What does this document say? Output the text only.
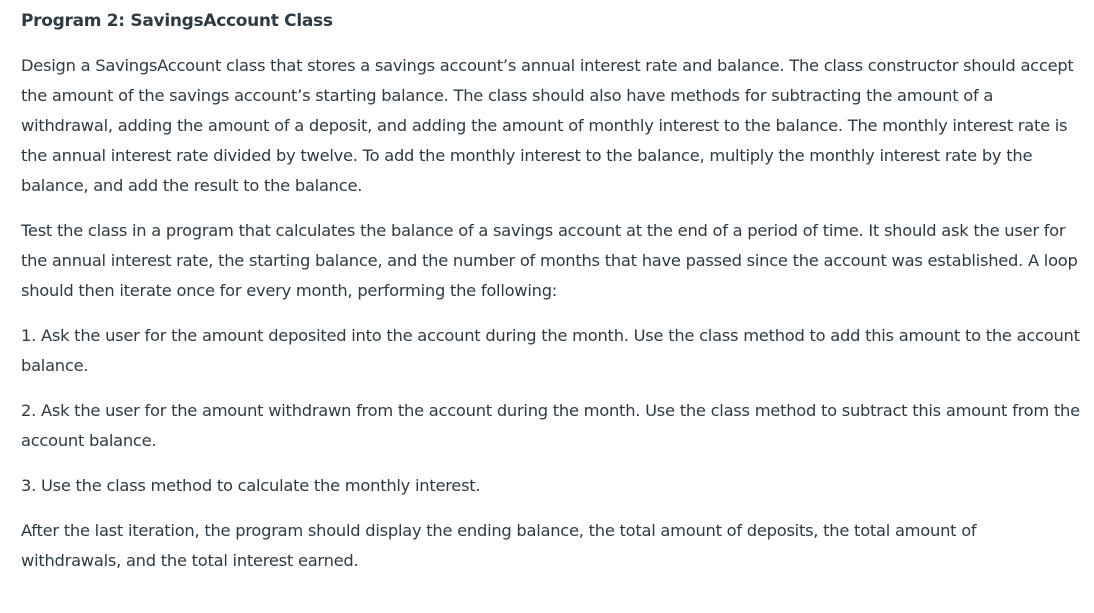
Program 2: SavingsAccount Class

Design a SavingsAccount class that stores a savings account’s annual interest rate and balance. The class constructor should accept the amount of the savings account’s starting balance. The class should also have methods for subtracting the amount of a withdrawal, adding the amount of a deposit, and adding the amount of monthly interest to the balance. The monthly interest rate is the annual interest rate divided by twelve. To add the monthly interest to the balance, multiply the monthly interest rate by the balance, and add the result to the balance.

Test the class in a program that calculates the balance of a savings account at the end of a period of time. It should ask the user for the annual interest rate, the starting balance, and the number of months that have passed since the account was established. A loop should then iterate once for every month, performing the following:

1. Ask the user for the amount deposited into the account during the month. Use the class method to add this amount to the account balance.

2. Ask the user for the amount withdrawn from the account during the month. Use the class method to subtract this amount from the account balance.

3. Use the class method to calculate the monthly interest.

After the last iteration, the program should display the ending balance, the total amount of deposits, the total amount of withdrawals, and the total interest earned.
